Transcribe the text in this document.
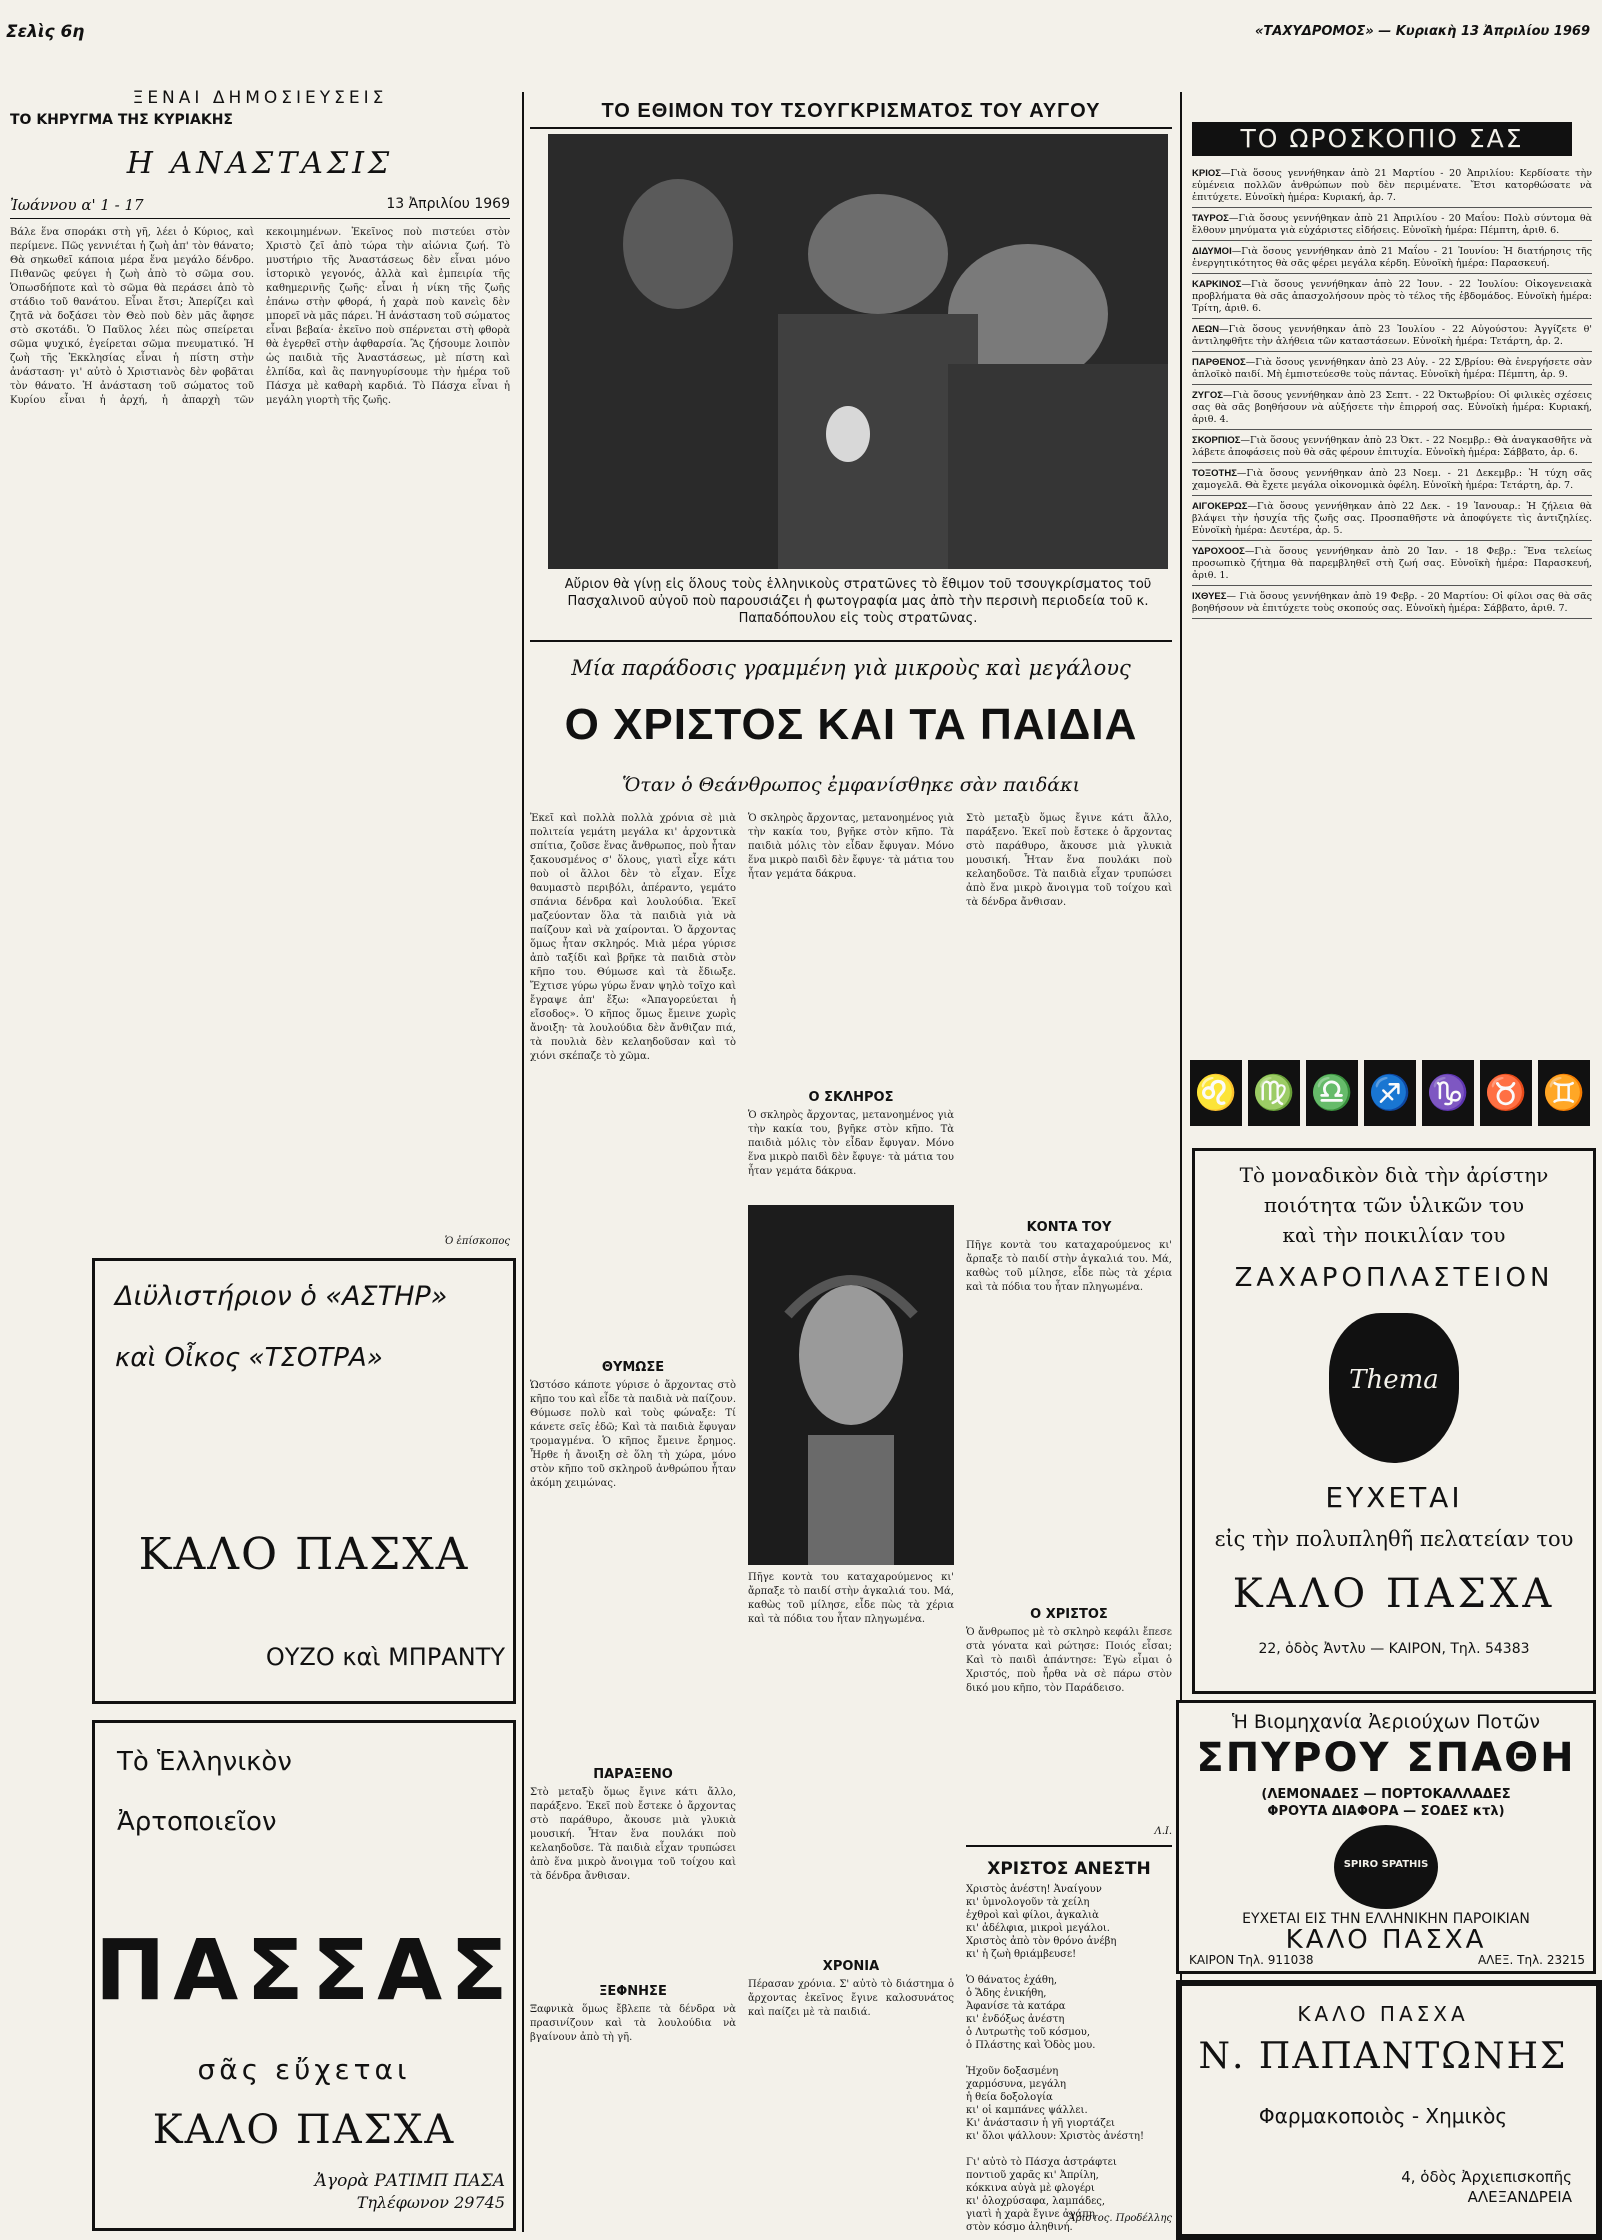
Σελὶς 6η	«ΤΑΧΥΔΡΟΜΟΣ» — Κυριακὴ 13 Ἀπριλίου 1969
ΞΕΝΑΙ ΔΗΜΟΣΙΕΥΣΕΙΣ
ΤΟ ΚΗΡΥΓΜΑ ΤΗΣ ΚΥΡΙΑΚΗΣ
Η ΑΝΑΣΤΑΣΙΣ
Ἰωάννου α' 1 - 17	13 Ἀπριλίου 1969
Βάλε ἕνα σποράκι στὴ γῆ, λέει ὁ Κύριος, καὶ περίμενε. Πῶς γεννιέται ἡ ζωὴ ἀπ' τὸν θάνατο; Θὰ σηκωθεῖ κάποια μέρα ἕνα μεγάλο δένδρο. Πιθανῶς φεύγει ἡ ζωὴ ἀπὸ τὸ σῶμα σου. Ὁπωσδήποτε καὶ τὸ σῶμα θὰ περάσει ἀπὸ τὸ στάδιο τοῦ θανάτου. Εἶναι ἔτσι; Ἀπερίζει καὶ ζητᾶ νὰ δοξάσει τὸν Θεὸ ποὺ δὲν μᾶς ἄφησε στὸ σκοτάδι. Ὁ Παῦλος λέει πὼς σπείρεται σῶμα ψυχικό, ἐγείρεται σῶμα πνευματικό. Ἡ ζωὴ τῆς Ἐκκλησίας εἶναι ἡ πίστη στὴν ἀνάσταση· γι' αὐτὸ ὁ Χριστιανὸς δὲν φοβᾶται τὸν θάνατο. Ἡ ἀνάσταση τοῦ σώματος τοῦ Κυρίου εἶναι ἡ ἀρχή, ἡ ἀπαρχὴ τῶν κεκοιμημένων. Ἐκεῖνος ποὺ πιστεύει στὸν Χριστὸ ζεῖ ἀπὸ τώρα τὴν αἰώνια ζωή. Τὸ μυστήριο τῆς Ἀναστάσεως δὲν εἶναι μόνο ἱστορικὸ γεγονός, ἀλλὰ καὶ ἐμπειρία τῆς καθημερινῆς ζωῆς· εἶναι ἡ νίκη τῆς ζωῆς ἐπάνω στὴν φθορά, ἡ χαρὰ ποὺ κανεὶς δὲν μπορεῖ νὰ μᾶς πάρει. Ἡ ἀνάσταση τοῦ σώματος εἶναι βεβαία· ἐκεῖνο ποὺ σπέρνεται στὴ φθορὰ θὰ ἐγερθεῖ στὴν ἀφθαρσία. Ἂς ζήσουμε λοιπὸν ὡς παιδιὰ τῆς Ἀναστάσεως, μὲ πίστη καὶ ἐλπίδα, καὶ ἂς πανηγυρίσουμε τὴν ἡμέρα τοῦ Πάσχα μὲ καθαρὴ καρδιά. Τὸ Πάσχα εἶναι ἡ μεγάλη γιορτὴ τῆς ζωῆς.
Ὁ ἐπίσκοπος
Διϋλιστήριον ὁ «ΑΣΤΗΡ»
καὶ Οἶκος «ΤΣΟΤΡΑ»
ΚΑΛΟ ΠΑΣΧΑ
ΟΥΖΟ καὶ ΜΠΡΑΝΤΥ
Τὸ Ἑλληνικὸν
Ἀρτοποιεῖον
ΠΑΣΣΑΣ
σᾶς εὔχεται
ΚΑΛΟ ΠΑΣΧΑ
Ἀγορὰ ΡΑΤΙΜΠ ΠΑΣΑ
Τηλέφωνον 29745
ΤΟ ΕΘΙΜΟΝ ΤΟΥ ΤΣΟΥΓΚΡΙΣΜΑΤΟΣ ΤΟΥ ΑΥΓΟΥ
Αὔριον θὰ γίνῃ εἰς ὅλους τοὺς ἑλληνικοὺς στρατῶνες τὸ ἔθιμον τοῦ τσουγκρίσματος τοῦ Πασχαλινοῦ αὐγοῦ ποὺ παρουσιάζει ἡ φωτογραφία μας ἀπὸ τὴν περσινὴ περιοδεία τοῦ κ. Παπαδόπουλου εἰς τοὺς στρατῶνας.
Μία παράδοσις γραμμένη γιὰ μικροὺς καὶ μεγάλους
Ο ΧΡΙΣΤΟΣ ΚΑΙ ΤΑ ΠΑΙΔΙΑ
Ὅταν ὁ Θεάνθρωπος ἐμφανίσθηκε σὰν παιδάκι
Ἐκεῖ καὶ πολλὰ πολλὰ χρόνια σὲ μιὰ πολιτεία γεμάτη μεγάλα κι' ἀρχοντικὰ σπίτια, ζοῦσε ἕνας ἄνθρωπος, ποὺ ἦταν ξακουσμένος σ' ὅλους, γιατὶ εἶχε κάτι ποὺ οἱ ἄλλοι δὲν τὸ εἶχαν. Εἶχε θαυμαστὸ περιβόλι, ἀπέραντο, γεμάτο σπάνια δένδρα καὶ λουλούδια. Ἐκεῖ μαζεύονταν ὅλα τὰ παιδιὰ γιὰ νὰ παίζουν καὶ νὰ χαίρονται. Ὁ ἄρχοντας ὅμως ἦταν σκληρός. Μιὰ μέρα γύρισε ἀπὸ ταξίδι καὶ βρῆκε τὰ παιδιὰ στὸν κῆπο του. Θύμωσε καὶ τὰ ἔδιωξε. Ἔχτισε γύρω γύρω ἕναν ψηλὸ τοῖχο καὶ ἔγραψε ἀπ' ἔξω: «Ἀπαγορεύεται ἡ εἴσοδος». Ὁ κῆπος ὅμως ἔμεινε χωρὶς ἄνοιξη· τὰ λουλούδια δὲν ἄνθιζαν πιά, τὰ πουλιὰ δὲν κελαηδοῦσαν καὶ τὸ χιόνι σκέπαζε τὸ χῶμα.
ΘΥΜΩΣΕ
Ὡστόσο κάποτε γύρισε ὁ ἄρχοντας στὸ κῆπο του καὶ εἶδε τὰ παιδιὰ νὰ παίζουν. Θύμωσε πολὺ καὶ τοὺς φώναξε: Τί κάνετε σεῖς ἐδῶ; Καὶ τὰ παιδιὰ ἔφυγαν τρομαγμένα. Ὁ κῆπος ἔμεινε ἔρημος. Ἦρθε ἡ ἄνοιξη σὲ ὅλη τὴ χώρα, μόνο στὸν κῆπο τοῦ σκληροῦ ἀνθρώπου ἦταν ἀκόμη χειμώνας.
ΠΑΡΑΞΕΝΟ
Στὸ μεταξὺ ὅμως ἔγινε κάτι ἄλλο, παράξενο. Ἐκεῖ ποὺ ἔστεκε ὁ ἄρχοντας στὸ παράθυρο, ἄκουσε μιὰ γλυκιὰ μουσική. Ἦταν ἕνα πουλάκι ποὺ κελαηδοῦσε. Τὰ παιδιὰ εἶχαν τρυπώσει ἀπὸ ἕνα μικρὸ ἄνοιγμα τοῦ τοίχου καὶ τὰ δένδρα ἄνθισαν.
ΞΕΦΝΗΣΕ
Ξαφνικὰ ὅμως ἔβλεπε τὰ δένδρα νὰ πρασινίζουν καὶ τὰ λουλούδια νὰ βγαίνουν ἀπὸ τὴ γῆ.
Ὁ σκληρὸς ἄρχοντας, μετανοημένος γιὰ τὴν κακία του, βγῆκε στὸν κῆπο. Τὰ παιδιὰ μόλις τὸν εἶδαν ἔφυγαν. Μόνο ἕνα μικρὸ παιδὶ δὲν ἔφυγε· τὰ μάτια του ἦταν γεμάτα δάκρυα.
Ο ΣΚΛΗΡΟΣ
Ὁ σκληρὸς ἄρχοντας, μετανοημένος γιὰ τὴν κακία του, βγῆκε στὸν κῆπο. Τὰ παιδιὰ μόλις τὸν εἶδαν ἔφυγαν. Μόνο ἕνα μικρὸ παιδὶ δὲν ἔφυγε· τὰ μάτια του ἦταν γεμάτα δάκρυα.
Πῆγε κοντὰ του καταχαρούμενος κι' ἄρπαξε τὸ παιδί στὴν ἀγκαλιά του. Μά, καθὼς τοῦ μίλησε, εἶδε πὼς τὰ χέρια καὶ τὰ πόδια του ἦταν πληγωμένα.
ΧΡΟΝΙΑ
Πέρασαν χρόνια. Σ' αὐτὸ τὸ διάστημα ὁ ἄρχοντας ἐκεῖνος ἔγινε καλοσυνάτος καὶ παίζει μὲ τὰ παιδιά.
Στὸ μεταξὺ ὅμως ἔγινε κάτι ἄλλο, παράξενο. Ἐκεῖ ποὺ ἔστεκε ὁ ἄρχοντας στὸ παράθυρο, ἄκουσε μιὰ γλυκιὰ μουσική. Ἦταν ἕνα πουλάκι ποὺ κελαηδοῦσε. Τὰ παιδιὰ εἶχαν τρυπώσει ἀπὸ ἕνα μικρὸ ἄνοιγμα τοῦ τοίχου καὶ τὰ δένδρα ἄνθισαν.
ΚΟΝΤΑ ΤΟΥ
Πῆγε κοντὰ του καταχαρούμενος κι' ἄρπαξε τὸ παιδί στὴν ἀγκαλιά του. Μά, καθὼς τοῦ μίλησε, εἶδε πὼς τὰ χέρια καὶ τὰ πόδια του ἦταν πληγωμένα.
Ο ΧΡΙΣΤΟΣ
Ὁ ἄνθρωπος μὲ τὸ σκληρὸ κεφάλι ἔπεσε στὰ γόνατα καὶ ρώτησε: Ποιός εἶσαι; Καὶ τὸ παιδὶ ἀπάντησε: Ἐγὼ εἶμαι ὁ Χριστός, ποὺ ἦρθα νὰ σὲ πάρω στὸν δικό μου κῆπο, τὸν Παράδεισο.
Λ.Ι.
ΧΡΙΣΤΟΣ ΑΝΕΣΤΗ
Χριστὸς ἀνέστη! Ἀναίγουν
κι' ὑμνολογοῦν τὰ χείλη
ἐχθροὶ καὶ φίλοι, ἀγκαλιὰ
κι' ἀδέλφια, μικροὶ μεγάλοι.
Χριστὸς ἀπὸ τὸν θρόνο ἀνέβη
κι' ἡ ζωὴ θριάμβευσε!

Ὁ θάνατος ἐχάθη,
ὁ Ἅδης ἐνικήθη,
Ἀφανίσε τὰ κατάρα
κι' ἐνδόξως ἀνέστη
ὁ Λυτρωτὴς τοῦ κόσμου,
ὁ Πλάστης καὶ Ὁδὸς μου.

Ἠχοῦν δοξασμένη
χαρμόσυνα, μεγάλη
ἡ θεία δοξολογία
κι' οἱ καμπάνες ψάλλει.
Κι' ἀνάστασιν ἡ γῆ γιορτάζει
κι' ὅλοι ψάλλουν: Χριστὸς ἀνέστη!

Γι' αὐτὸ τὸ Πάσχα ἀστράφτει
ποντιοῦ χαρᾶς κι' Ἀπρίλη,
κόκκινα αὐγὰ μὲ φλογέρι
κι' ὁλοχρύσαφα, λαμπάδες,
γιατὶ ἡ χαρὰ ἔγινε ἀγάπη
στὸν κόσμο ἀληθινή.
Ἄριστος. Προδέλλης
ΤΟ ΩΡΟΣΚΟΠΙΟ ΣΑΣ

ΚΡΙΟΣ—Γιὰ ὅσους γεννήθηκαν ἀπὸ 21 Μαρτίου - 20 Ἀπριλίου: Κερδίσατε τὴν εὐμένεια πολλῶν ἀνθρώπων ποὺ δὲν περιμένατε. Ἔτσι κατορθώσατε νὰ ἐπιτύχετε. Εὐνοϊκὴ ἡμέρα: Κυριακή, ἀρ. 7.

ΤΑΥΡΟΣ—Γιὰ ὅσους γεννήθηκαν ἀπὸ 21 Ἀπριλίου - 20 Μαΐου: Πολὺ σύντομα θὰ ἔλθουν μηνύματα γιὰ εὐχάριστες εἰδήσεις. Εὐνοϊκὴ ἡμέρα: Πέμπτη, ἀριθ. 6.

ΔΙΔΥΜΟΙ—Γιὰ ὅσους γεννήθηκαν ἀπὸ 21 Μαΐου - 21 Ἰουνίου: Ἡ διατήρησις τῆς ἐνεργητικότητος θὰ σᾶς φέρει μεγάλα κέρδη. Εὐνοϊκὴ ἡμέρα: Παρασκευή.

ΚΑΡΚΙΝΟΣ—Γιὰ ὅσους γεννήθηκαν ἀπὸ 22 Ἰουν. - 22 Ἰουλίου: Οἰκογενειακὰ προβλήματα θὰ σᾶς ἀπασχολήσουν πρὸς τὸ τέλος τῆς ἑβδομάδος. Εὐνοϊκὴ ἡμέρα: Τρίτη, ἀριθ. 6.

ΛΕΩΝ—Γιὰ ὅσους γεννήθηκαν ἀπὸ 23 Ἰουλίου - 22 Αὐγούστου: Ἀγγίζετε θ' ἀντιληφθῆτε τὴν ἀλήθεια τῶν καταστάσεων. Εὐνοϊκὴ ἡμέρα: Τετάρτη, ἀρ. 2.

ΠΑΡΘΕΝΟΣ—Γιὰ ὅσους γεννήθηκαν ἀπὸ 23 Αὐγ. - 22 Σ/βρίου: Θὰ ἐνεργήσετε σὰν ἀπλοϊκὸ παιδί. Μὴ ἐμπιστεύεσθε τοὺς πάντας. Εὐνοϊκὴ ἡμέρα: Πέμπτη, ἀρ. 9.

ΖΥΓΟΣ—Γιὰ ὅσους γεννήθηκαν ἀπὸ 23 Σεπτ. - 22 Ὀκτωβρίου: Οἱ φιλικὲς σχέσεις σας θὰ σᾶς βοηθήσουν νὰ αὐξήσετε τὴν ἐπιρροή σας. Εὐνοϊκὴ ἡμέρα: Κυριακή, ἀριθ. 4.

ΣΚΟΡΠΙΟΣ—Γιὰ ὅσους γεννήθηκαν ἀπὸ 23 Ὀκτ. - 22 Νοεμβρ.: Θὰ ἀναγκασθῆτε νὰ λάβετε ἀποφάσεις ποὺ θὰ σᾶς φέρουν ἐπιτυχία. Εὐνοϊκὴ ἡμέρα: Σάββατο, ἀρ. 6.

ΤΟΞΟΤΗΣ—Γιὰ ὅσους γεννήθηκαν ἀπὸ 23 Νοεμ. - 21 Δεκεμβρ.: Ἡ τύχη σᾶς χαμογελᾶ. Θὰ ἔχετε μεγάλα οἰκονομικὰ ὀφέλη. Εὐνοϊκὴ ἡμέρα: Τετάρτη, ἀρ. 7.

ΑΙΓΟΚΕΡΩΣ—Γιὰ ὅσους γεννήθηκαν ἀπὸ 22 Δεκ. - 19 Ἰανουαρ.: Ἡ ζήλεια θὰ βλάψει τὴν ἡσυχία τῆς ζωῆς σας. Προσπαθῆστε νὰ ἀποφύγετε τὶς ἀντιζηλίες. Εὐνοϊκὴ ἡμέρα: Δευτέρα, ἀρ. 5.

ΥΔΡΟΧΟΟΣ—Γιὰ ὅσους γεννήθηκαν ἀπὸ 20 Ἰαν. - 18 Φεβρ.: Ἕνα τελείως προσωπικὸ ζήτημα θὰ παρεμβληθεῖ στὴ ζωή σας. Εὐνοϊκὴ ἡμέρα: Παρασκευή, ἀριθ. 1.

ΙΧΘΥΕΣ— Γιὰ ὅσους γεννήθηκαν ἀπὸ 19 Φεβρ. - 20 Μαρτίου: Οἱ φίλοι σας θὰ σᾶς βοηθήσουν νὰ ἐπιτύχετε τοὺς σκοπούς σας. Εὐνοϊκὴ ἡμέρα: Σάββατο, ἀριθ. 7.

♌ ♍ ♎ ♐ ♑ ♉ ♊
Τὸ μοναδικὸν διὰ τὴν ἀρίστην
ποιότητα τῶν ὑλικῶν του
καὶ τὴν ποικιλίαν του
ΖΑΧΑΡΟΠΛΑΣΤΕΙΟΝ
Thema
ΕΥΧΕΤΑΙ
εἰς τὴν πολυπληθῆ πελατείαν του
ΚΑΛΟ ΠΑΣΧΑ
22, ὁδὸς Ἀντλυ — ΚΑΙΡΟΝ, Τηλ. 54383
Ἡ Βιομηχανία Ἀεριούχων Ποτῶν
ΣΠΥΡΟΥ ΣΠΑΘΗ
(ΛΕΜΟΝΑΔΕΣ — ΠΟΡΤΟΚΑΛΛΑΔΕΣ
ΦΡΟΥΤΑ ΔΙΑΦΟΡΑ — ΣΟΔΕΣ κτλ)
SPIRO SPATHIS
ΕΥΧΕΤΑΙ ΕΙΣ ΤΗΝ ΕΛΛΗΝΙΚΗΝ ΠΑΡΟΙΚΙΑΝ
ΚΑΛΟ ΠΑΣΧΑ
ΚΑΙΡΟΝ Τηλ. 911038	ΑΛΕΞ. Τηλ. 23215
ΚΑΛΟ ΠΑΣΧΑ
Ν. ΠΑΠΑΝΤΩΝΗΣ
Φαρμακοποιὸς - Χημικὸς
4, ὁδὸς Ἀρχιεπισκοπῆς
ΑΛΕΞΑΝΔΡΕΙΑ
